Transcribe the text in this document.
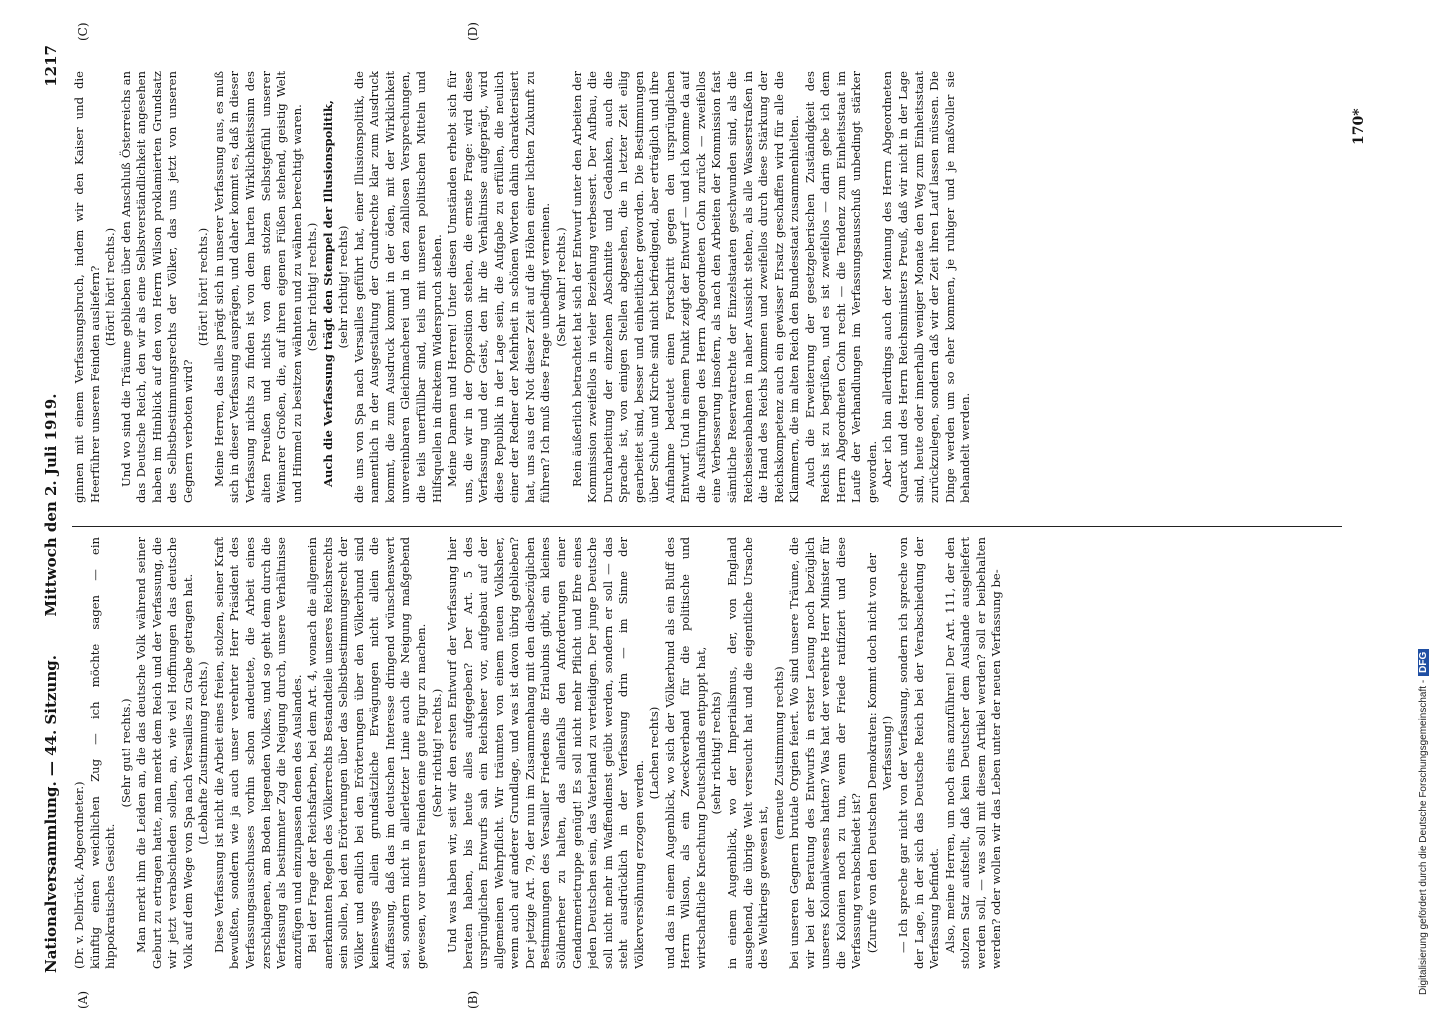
Nationalversammlung. — 44. Sitzung.
Mittwoch den 2. Juli 1919.
1217
(A)	(B)
(C)	(D)

(Dr. v. Delbrück, Abgeordneter.) künftig einen weichlichen Zug — ich möchte sagen — ein hippokratisches Gesicht.

(Sehr gut! rechts.) Man merkt ihm die Leiden an, die das deutsche Volk während seiner Geburt zu ertragen hatte, man merkt dem Reich und der Verfassung, die wir jetzt verabschieden sollen, an, wie viel Hoffnungen das deutsche Volk auf dem Wege von Spa nach Versailles zu Grabe getragen hat. (Lebhafte Zustimmung rechts.) Diese Verfassung ist nicht die Arbeit eines freien, stolzen, seiner Kraft bewußten, sondern wie ja auch unser verehrter Herr Präsident des Verfassungsausschusses vorhin schon andeutete, die Arbeit eines zerschlagenen, am Boden liegenden Volkes, und so geht denn durch die Verfassung als bestimmter Zug die Neigung durch, unsere Verhältnisse anzufügen und einzupassen denen des Auslandes. Bei der Frage der Reichsfarben, bei dem Art. 4, wonach die allgemein anerkannten Regeln des Völkerrechts Bestandteile unseres Reichsrechts sein sollen, bei den Erörterungen über das Selbstbestimmungsrecht der Völker und endlich bei den Erörterungen über den Völkerbund sind keineswegs allein grundsätzliche Erwägungen nicht allein die Auffassung, daß das im deutschen Interesse dringend wünschenswert sei, sondern nicht in allerletzter Linie auch die Neigung maßgebend gewesen, vor unseren Feinden eine gute Figur zu machen. (Sehr richtig! rechts.) Und was haben wir, seit wir den ersten Entwurf der Verfassung hier beraten haben, bis heute alles aufgegeben? Der Art. 5 des ursprünglichen Entwurfs sah ein Reichsheer vor, aufgebaut auf der allgemeinen Wehrpflicht. Wir träumten von einem neuen Volksheer, wenn auch auf anderer Grundlage, und was ist davon übrig geblieben? Der jetzige Art. 79, der nun im Zusammenhang mit den diesbezüglichen Bestimmungen des Versailler Friedens die Erlaubnis gibt, ein kleines Söldnerheer zu halten, das allenfalls den Anforderungen einer Gendarmerietruppe genügt! Es soll nicht mehr Pflicht und Ehre eines jeden Deutschen sein, das Vaterland zu verteidigen. Der junge Deutsche soll nicht mehr im Waffendienst geübt werden, sondern er soll — das steht ausdrücklich in der Verfassung drin — im Sinne der Völkerversöhnung erzogen werden.

(Lachen rechts) und das in einem Augenblick, wo sich der Völkerbund als ein Bluff des Herrn Wilson, als ein Zweckverband für die politische und wirtschaftliche Knechtung Deutschlands entpuppt hat, (sehr richtig! rechts) in einem Augenblick, wo der Imperialismus, der, von England ausgehend, die übrige Welt verseucht hat und die eigentliche Ursache des Weltkriegs gewesen ist,

(erneute Zustimmung rechts) bei unseren Gegnern brutale Orgien feiert. Wo sind unsere Träume, die wir bei der Beratung des Entwurfs in erster Lesung noch bezüglich unseres Kolonialwesens hatten? Was hat der verehrte Herr Minister für die Kolonien noch zu tun, wenn der Friede ratifiziert und diese Verfassung verabschiedet ist? (Zurufe von den Deutschen Demokraten: Kommt doch nicht von der Verfassung!) — Ich spreche gar nicht von der Verfassung, sondern ich spreche von der Lage, in der sich das Deutsche Reich bei der Verabschiedung der Verfassung befindet. Also, meine Herren, um noch eins anzuführen! Der Art. 111, der den stolzen Satz aufstellt, daß kein Deutscher dem Auslande ausgeliefert werden soll, — was soll mit diesem Artikel werden? soll er beibehalten werden? oder wollen wir das Leben unter der neuen Verfassung be-

ginnen mit einem Verfassungsbruch, indem wir den Kaiser und die Heerführer unseren Feinden ausliefern? (Hört! hört! rechts.) Und wo sind die Träume geblieben über den Anschluß Österreichs an das Deutsche Reich, den wir als eine Selbstverständlichkeit angesehen haben im Hinblick auf den von Herrn Wilson proklamierten Grundsatz des Selbstbestimmungsrechts der Völker, das uns jetzt von unseren Gegnern verboten wird?

(Hört! hört! rechts.) Meine Herren, das alles prägt sich in unserer Verfassung aus, es muß sich in dieser Verfassung ausprägen, und daher kommt es, daß in dieser Verfassung nichts zu finden ist von dem harten Wirklichkeitssinn des alten Preußen und nichts von dem stolzen Selbstgefühl unserer Weimarer Großen, die, auf ihren eigenen Füßen stehend, geistig Welt und Himmel zu besitzen wähnten und zu wähnen berechtigt waren. (Sehr richtig! rechts.) Auch die Verfassung trägt den Stempel der Illusionspolitik, (sehr richtig! rechts) die uns von Spa nach Versailles geführt hat, einer Illusionspolitik, die namentlich in der Ausgestaltung der Grundrechte klar zum Ausdruck kommt, die zum Ausdruck kommt in der öden, mit der Wirklichkeit unvereinbaren Gleichmacherei und in den zahllosen Versprechungen, die teils unerfüllbar sind, teils mit unseren politischen Mitteln und Hilfsquellen in direktem Widerspruch stehen. Meine Damen und Herren! Unter diesen Umständen erhebt sich für uns, die wir in der Opposition stehen, die ernste Frage: wird diese Verfassung und der Geist, den ihr die Verhältnisse aufgeprägt, wird diese Republik in der Lage sein, die Aufgabe zu erfüllen, die neulich einer der Redner der Mehrheit in schönen Worten dahin charakterisiert hat, uns aus der Not dieser Zeit auf die Höhen einer lichten Zukunft zu führen? Ich muß diese Frage unbedingt verneinen. (Sehr wahr! rechts.) Rein äußerlich betrachtet hat sich der Entwurf unter den Arbeiten der Kommission zweifellos in vieler Beziehung verbessert. Der Aufbau, die Durcharbeitung der einzelnen Abschnitte und Gedanken, auch die Sprache ist, von einigen Stellen abgesehen, die in letzter Zeit eilig gearbeitet sind, besser und einheitlicher geworden. Die Bestimmungen über Schule und Kirche sind nicht befriedigend, aber erträglich und ihre Aufnahme bedeutet einen Fortschritt gegen den ursprünglichen Entwurf. Und in einem Punkt zeigt der Entwurf — und ich komme da auf die Ausführungen des Herrn Abgeordneten Cohn zurück — zweifellos eine Verbesserung insofern, als nach den Arbeiten der Kommission fast sämtliche Reservatrechte der Einzelstaaten geschwunden sind, als die Reichseisenbahnen in naher Aussicht stehen, als alle Wasserstraßen in die Hand des Reichs kommen und zweifellos durch diese Stärkung der Reichskompetenz auch ein gewisser Ersatz geschaffen wird für alle die Klammern, die im alten Reich den Bundesstaat zusammenhielten. Auch die Erweiterung der gesetzgeberischen Zuständigkeit des Reichs ist zu begrüßen, und es ist zweifellos — darin gebe ich dem Herrn Abgeordneten Cohn recht — die Tendenz zum Einheitsstaat im Laufe der Verhandlungen im Verfassungsausschuß unbedingt stärker geworden. Aber ich bin allerdings auch der Meinung des Herrn Abgeordneten Quarck und des Herrn Reichsministers Preuß, daß wir nicht in der Lage sind, heute oder innerhalb weniger Monate den Weg zum Einheitsstaat zurückzulegen, sondern daß wir der Zeit ihren Lauf lassen müssen. Die Dinge werden um so eher kommen, je ruhiger und je maßvoller sie behandelt werden.

170*
Digitalisierung gefördert durch die Deutsche Forschungsgemeinschaft -DFG
